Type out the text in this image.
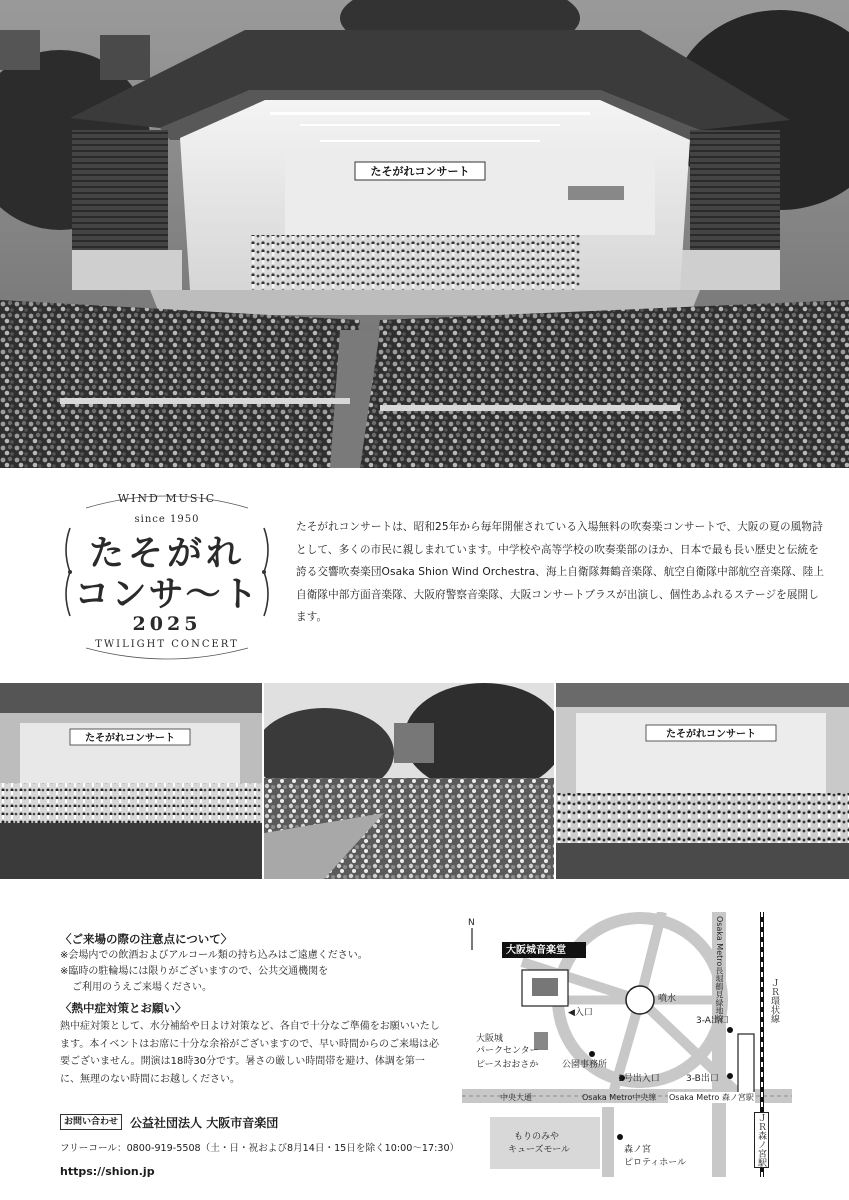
たそがれコンサート
WIND MUSIC
since 1950
たそがれ
コンサ〜ト
2025
TWILIGHT CONCERT

たそがれコンサートは、昭和25年から毎年開催されている入場無料の吹奏楽コンサートで、大阪の夏の風物詩として、多くの市民に親しまれています。中学校や高等学校の吹奏楽部のほか、日本で最も長い歴史と伝統を誇る交響吹奏楽団Osaka Shion Wind Orchestra、海上自衛隊舞鶴音楽隊、航空自衛隊中部航空音楽隊、陸上自衛隊中部方面音楽隊、大阪府警察音楽隊、大阪コンサートブラスが出演し、個性あふれるステージを展開します。

たそがれコンサート	たそがれコンサート
〈ご来場の際の注意点について〉
※会場内での飲酒およびアルコール類の持ち込みはご遠慮ください。
※臨時の駐輪場には限りがございますので、公共交通機関を
ご利用のうえご来場ください。
〈熱中症対策とお願い〉

熱中症対策として、水分補給や日よけ対策など、各自で十分なご準備をお願いいたします。本イベントはお席に十分な余裕がございますので、早い時間からのご来場は必要ございません。開演は18時30分です。暑さの厳しい時間帯を避け、体調を第一に、無理のない時間にお越しください。

お問い合わせ	公益社団法人 大阪市音楽団
フリーコール：0800-919-5508（土・日・祝および8月14日・15日を除く10:00〜17:30）
https://shion.jp
N
大阪城音楽堂
◀入口
噴水
3-A出口
大阪城
パークセンター
ピースおおさか	公園事務所
1号出入口	3-B出口
中央大通	Osaka Metro中央線 Osaka Metro 森ノ宮駅
Osaka Metro長堀鶴見緑地線	ＪＲ環状線
ＪＲ森ノ宮駅
もりのみや
キューズモール	森ノ宮
ピロティホール
